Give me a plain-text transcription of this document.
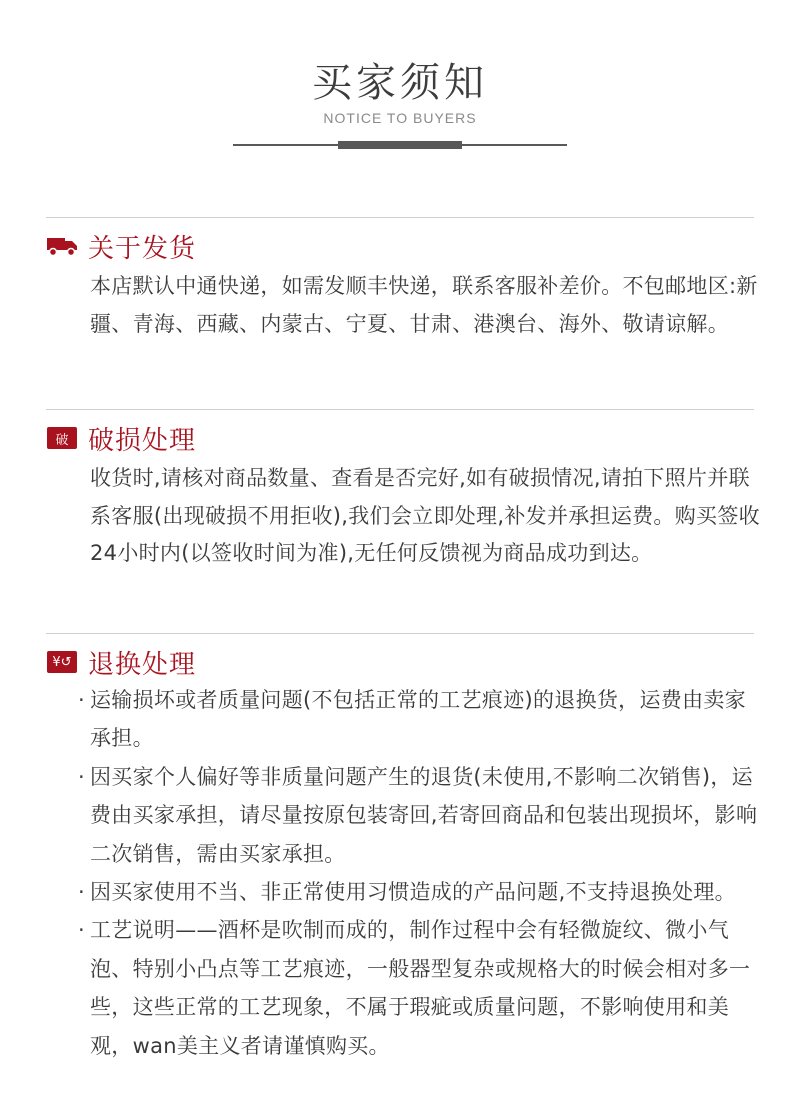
买家须知
NOTICE TO BUYERS
关于发货
本店默认中通快递，如需发顺丰快递，联系客服补差价。不包邮地区:新疆、青海、西藏、内蒙古、宁夏、甘肃、港澳台、海外、敬请谅解。
破 破损处理
收货时,请核对商品数量、查看是否完好,如有破损情况,请拍下照片并联系客服(出现破损不用拒收),我们会立即处理,补发并承担运费。购买签收24小时内(以签收时间为准),无任何反馈视为商品成功到达。
¥↺ 退换处理
· 运输损坏或者质量问题(不包括正常的工艺痕迹)的退换货，运费由卖家承担。
· 因买家个人偏好等非质量问题产生的退货(未使用,不影响二次销售)，运费由买家承担，请尽量按原包装寄回,若寄回商品和包装出现损坏，影响二次销售，需由买家承担。
· 因买家使用不当、非正常使用习惯造成的产品问题,不支持退换处理。
· 工艺说明——酒杯是吹制而成的，制作过程中会有轻微旋纹、微小气泡、特别小凸点等工艺痕迹，一般器型复杂或规格大的时候会相对多一些，这些正常的工艺现象，不属于瑕疵或质量问题，不影响使用和美观，wan美主义者请谨慎购买。
